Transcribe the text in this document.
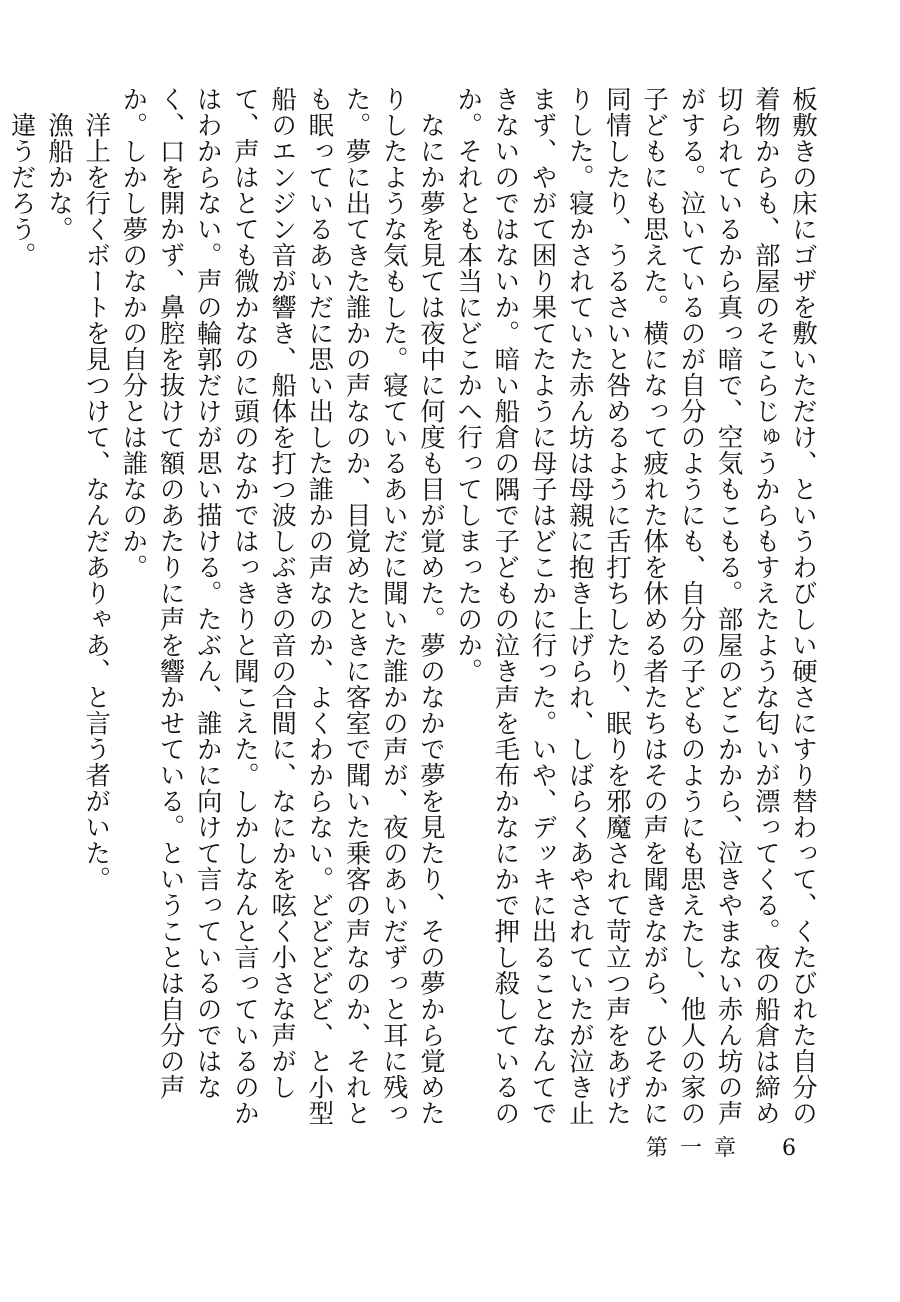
板敷きの床にゴザを敷いただけ、というわびしい硬さにすり替わって、くたびれた自分の着物からも、部屋のそこらじゅうからもすえたような匂いが漂ってくる。夜の船倉は締め切られているから真っ暗で、空気もこもる。部屋のどこかから、泣きやまない赤ん坊の声がする。泣いているのが自分のようにも、自分の子どものようにも思えたし、他人の家の子どもにも思えた。横になって疲れた体を休める者たちはその声を聞きながら、ひそかに同情したり、うるさいと咎めるように舌打ちしたり、眠りを邪魔されて苛立つ声をあげたりした。寝かされていた赤ん坊は母親に抱き上げられ、しばらくあやされていたが泣き止まず、やがて困り果てたように母子はどこかに行った。いや、デッキに出ることなんてできないのではないか。暗い船倉の隅で子どもの泣き声を毛布かなにかで押し殺しているのか。それとも本当にどこかへ行ってしまったのか。

　なにか夢を見ては夜中に何度も目が覚めた。夢のなかで夢を見たり、その夢から覚めたりしたような気もした。寝ているあいだに聞いた誰かの声が、夜のあいだずっと耳に残った。夢に出てきた誰かの声なのか、目覚めたときに客室で聞いた乗客の声なのか、それとも眠っているあいだに思い出した誰かの声なのか、よくわからない。どどどどど、と小型船のエンジン音が響き、船体を打つ波しぶきの音の合間に、なにかを呟く小さな声がして、声はとても微かなのに頭のなかではっきりと聞こえた。しかしなんと言っているのかはわからない。声の輪郭だけが思い描ける。たぶん、誰かに向けて言っているのではなく、口を開かず、鼻腔を抜けて額のあたりに声を響かせている。ということは自分の声か。しかし夢のなかの自分とは誰なのか。

　洋上を行くボートを見つけて、なんだありゃあ、と言う者がいた。

　漁船かな。

　違うだろう。

第一章 6
